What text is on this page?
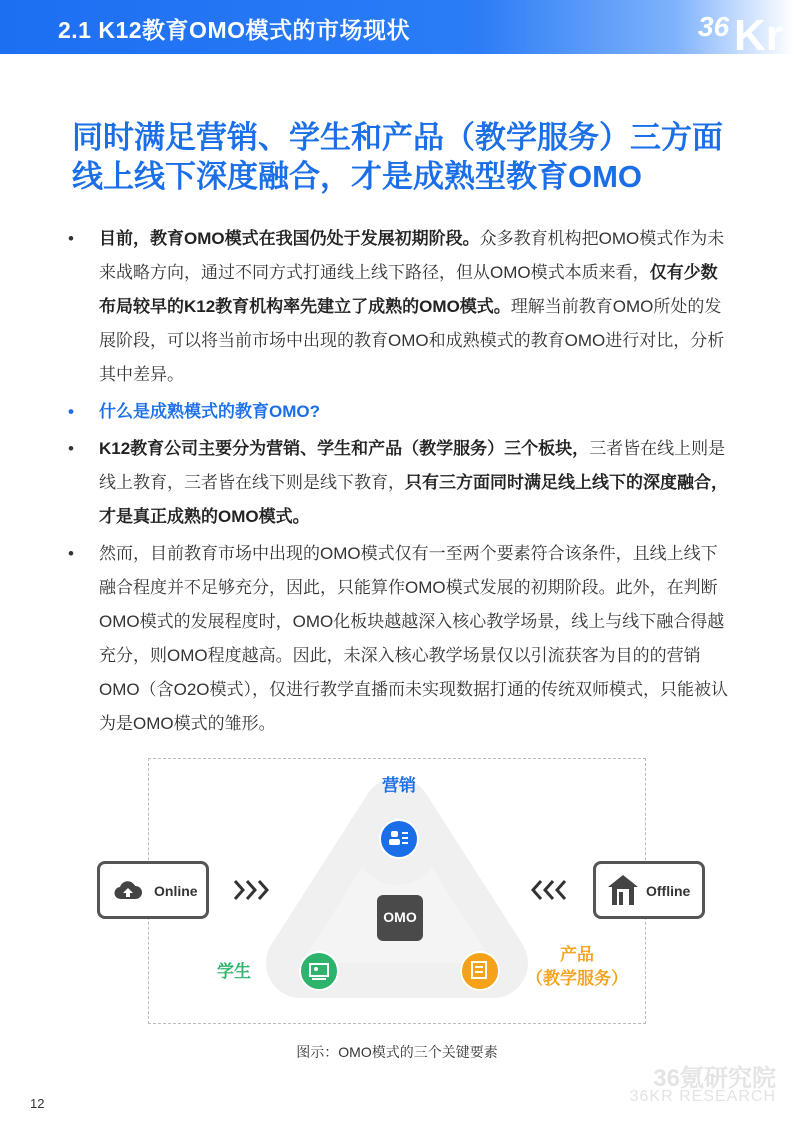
2.1 K12教育OMO模式的市场现状	36 Kr
同时满足营销、学生和产品（教学服务）三方面线上线下深度融合，才是成熟型教育OMO
• 目前，教育OMO模式在我国仍处于发展初期阶段。众多教育机构把OMO模式作为未来战略方向，通过不同方式打通线上线下路径，但从OMO模式本质来看，仅有少数布局较早的K12教育机构率先建立了成熟的OMO模式。理解当前教育OMO所处的发展阶段，可以将当前市场中出现的教育OMO和成熟模式的教育OMO进行对比，分析其中差异。
• 什么是成熟模式的教育OMO?
• K12教育公司主要分为营销、学生和产品（教学服务）三个板块，三者皆在线上则是线上教育，三者皆在线下则是线下教育，只有三方面同时满足线上线下的深度融合，才是真正成熟的OMO模式。
• 然而，目前教育市场中出现的OMO模式仅有一至两个要素符合该条件，且线上线下融合程度并不足够充分，因此，只能算作OMO模式发展的初期阶段。此外，在判断OMO模式的发展程度时，OMO化板块越越深入核心教学场景，线上与线下融合得越充分，则OMO程度越高。因此，未深入核心教学场景仅以引流获客为目的的营销OMO（含O2O模式），仅进行教学直播而未实现数据打通的传统双师模式，只能被认为是OMO模式的雏形。
OMO
营销
学生
产品
（教学服务）
Online	Offline
图示：OMO模式的三个关键要素
12
36氪研究院
36KR RESEARCH
